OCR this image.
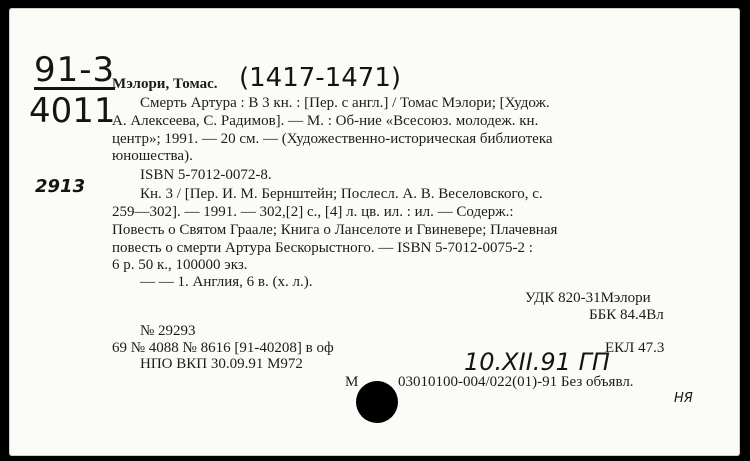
91-3
4011
2913
(1417-1471)
10.XII.91 ГП
НЯ
Мэлори, Томас.
Смерть Артура : В 3 кн. : [Пер. с англ.] / Томас Мэлори; [Худож.
А. Алексеева, С. Радимов]. — М. : Об-ние «Всесоюз. молодеж. кн.
центр»; 1991. — 20 см. — (Художественно-историческая библиотека
юношества).
ISBN 5-7012-0072-8.
Кн. 3 / [Пер. И. М. Бернштейн; Послесл. А. В. Веселовского, с.
259—302]. — 1991. — 302,[2] с., [4] л. цв. ил. : ил. — Содерж.:
Повесть о Святом Граале; Книга о Ланселоте и Гвиневере; Плачевная
повесть о смерти Артура Бескорыстного. — ISBN 5-7012-0075-2 :
6 р. 50 к., 100000 экз.
— — 1. Англия, 6 в. (х. л.).
УДК 820-31Мэлори
ББК 84.4Вл
№ 29293
69 № 4088 № 8616 [91-40208] в оф	ЕКЛ 47.3
НПО ВКП 30.09.91 М972
М	03010100-004/022(01)-91 Без объявл.
